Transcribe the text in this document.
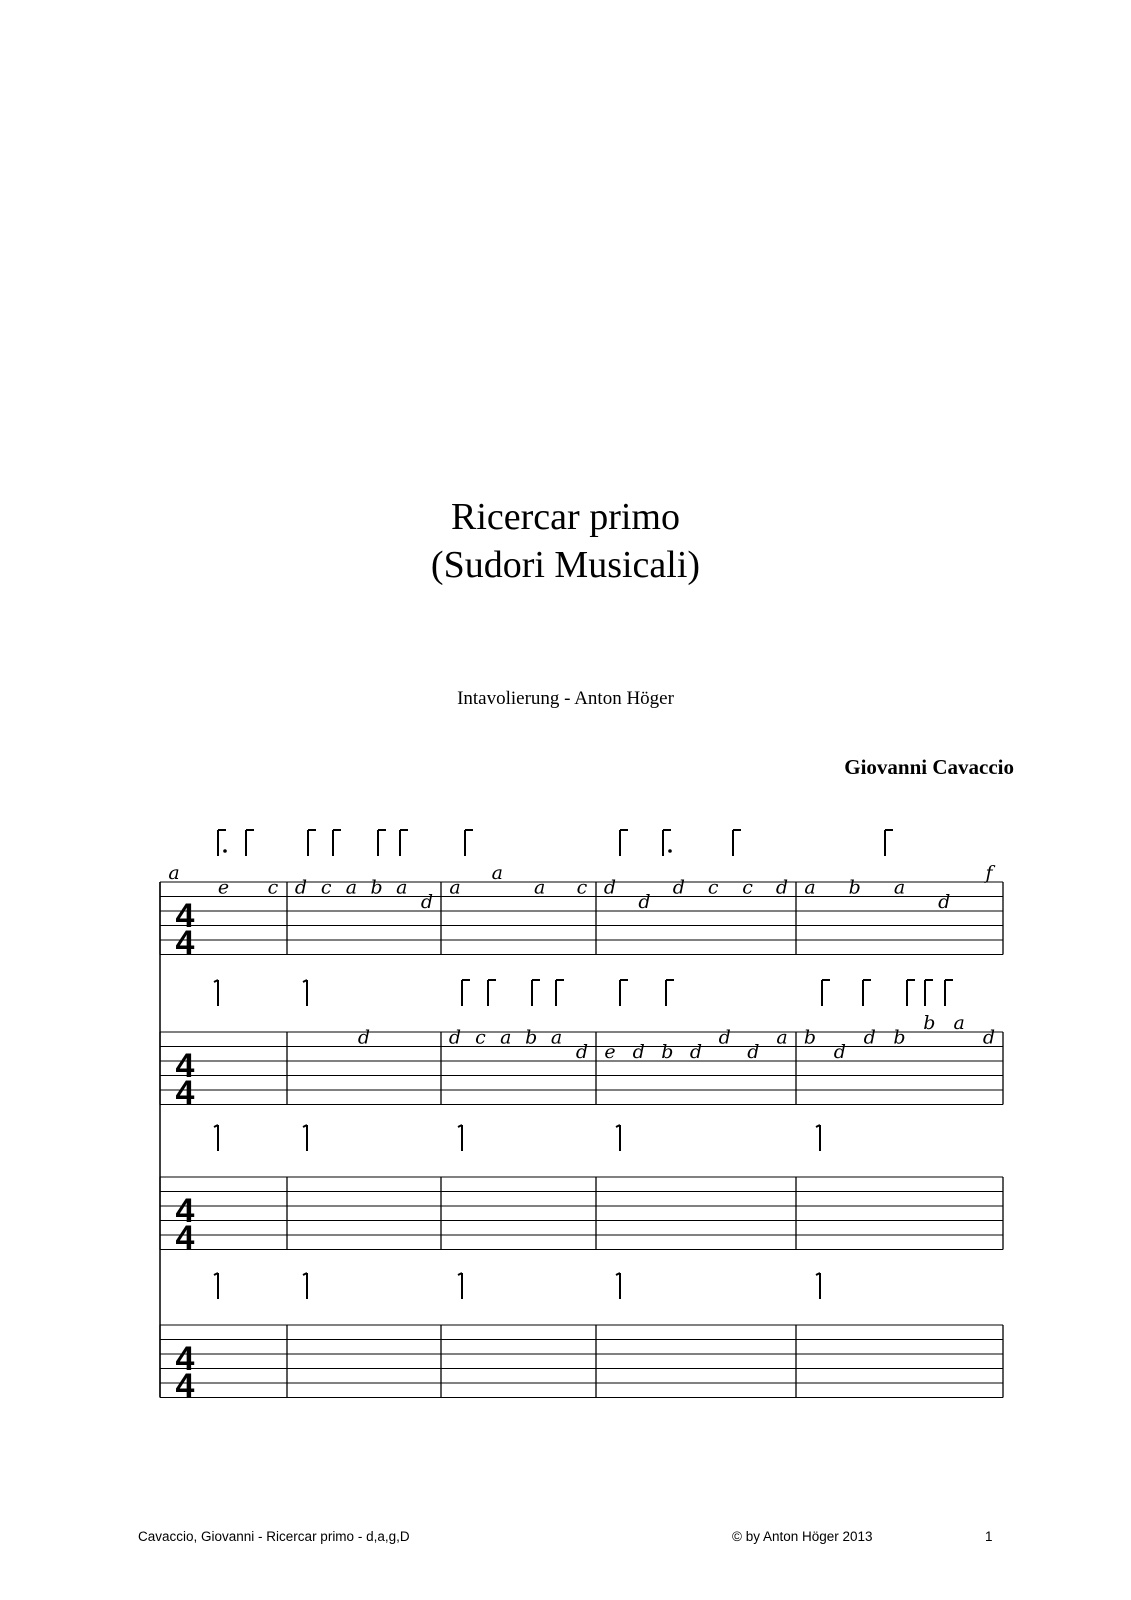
Ricercar primo
(Sudori Musicali)
Intavolierung - Anton Höger
Giovanni Cavaccio
4
4
a
e c d c a b a
d
a
a
a c d
d
d c c d a b a
d
f
4
4
d	d c a b a
d e d b d
d
d
a b
d
d b
b a
d
4
4
4
4
Cavaccio, Giovanni - Ricercar primo - d,a,g,D	© by Anton Höger 2013	1
